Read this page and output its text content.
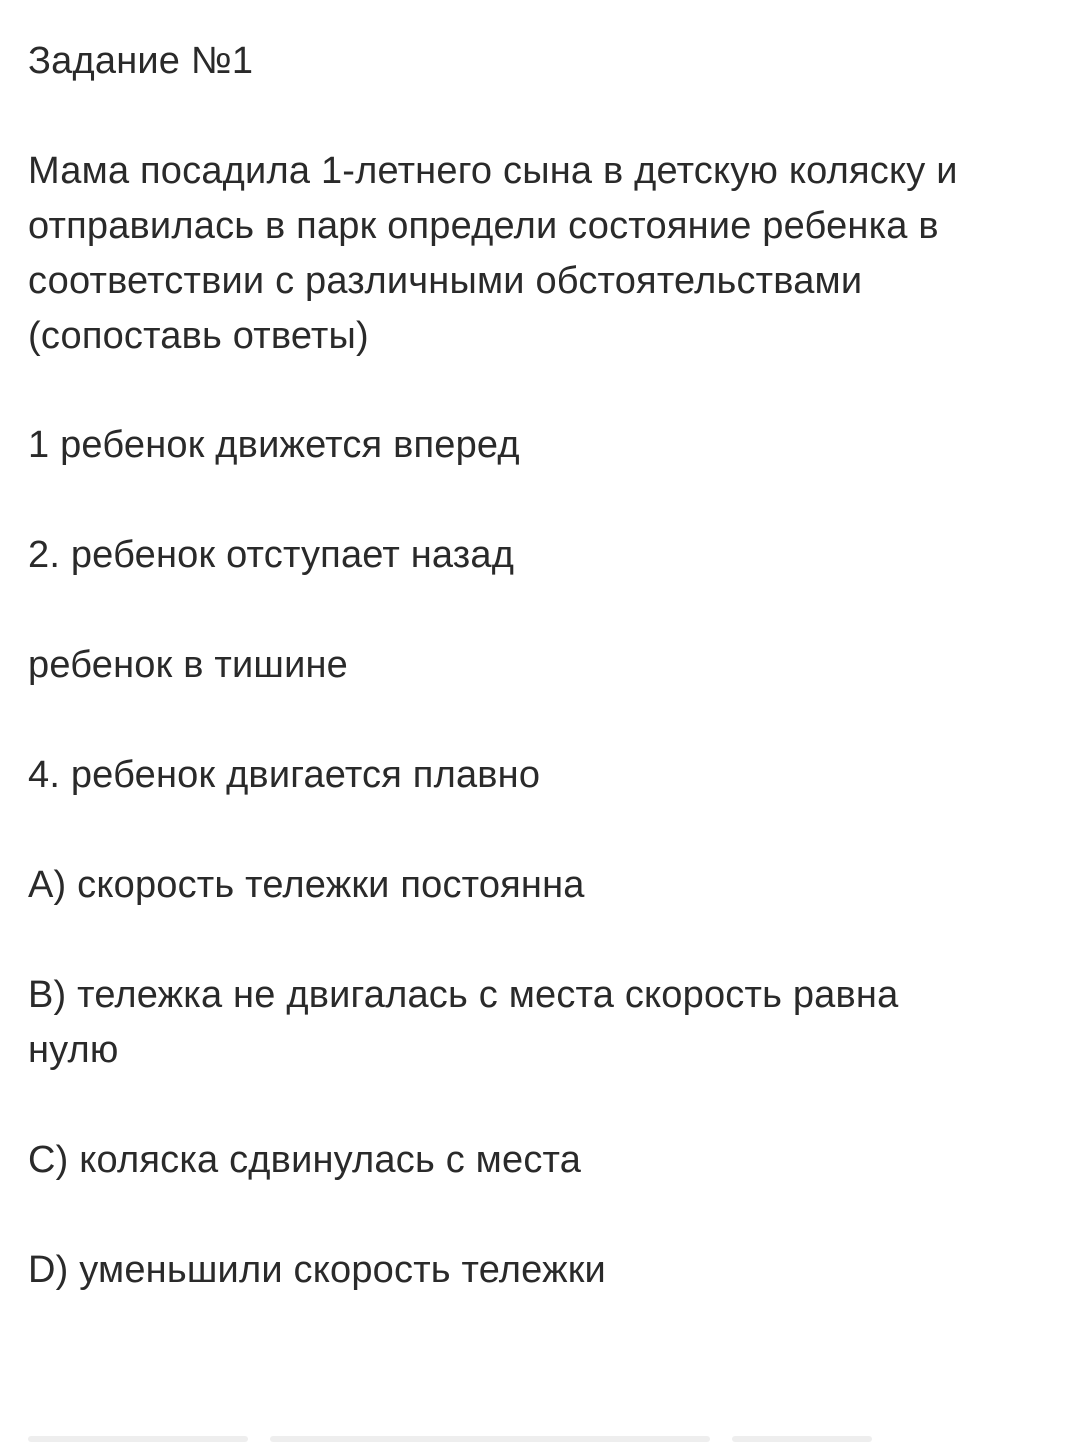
Задание №1
Мама посадила 1-летнего сына в детскую коляску и
отправилась в парк определи состояние ребенка в
соответствии с различными обстоятельствами
(сопоставь ответы)
1 ребенок движется вперед
2. ребенок отступает назад
ребенок в тишине
4. ребенок двигается плавно
А) скорость тележки постоянна
В) тележка не двигалась с места скорость равна
нулю
С) коляска сдвинулась с места
D) уменьшили скорость тележки
